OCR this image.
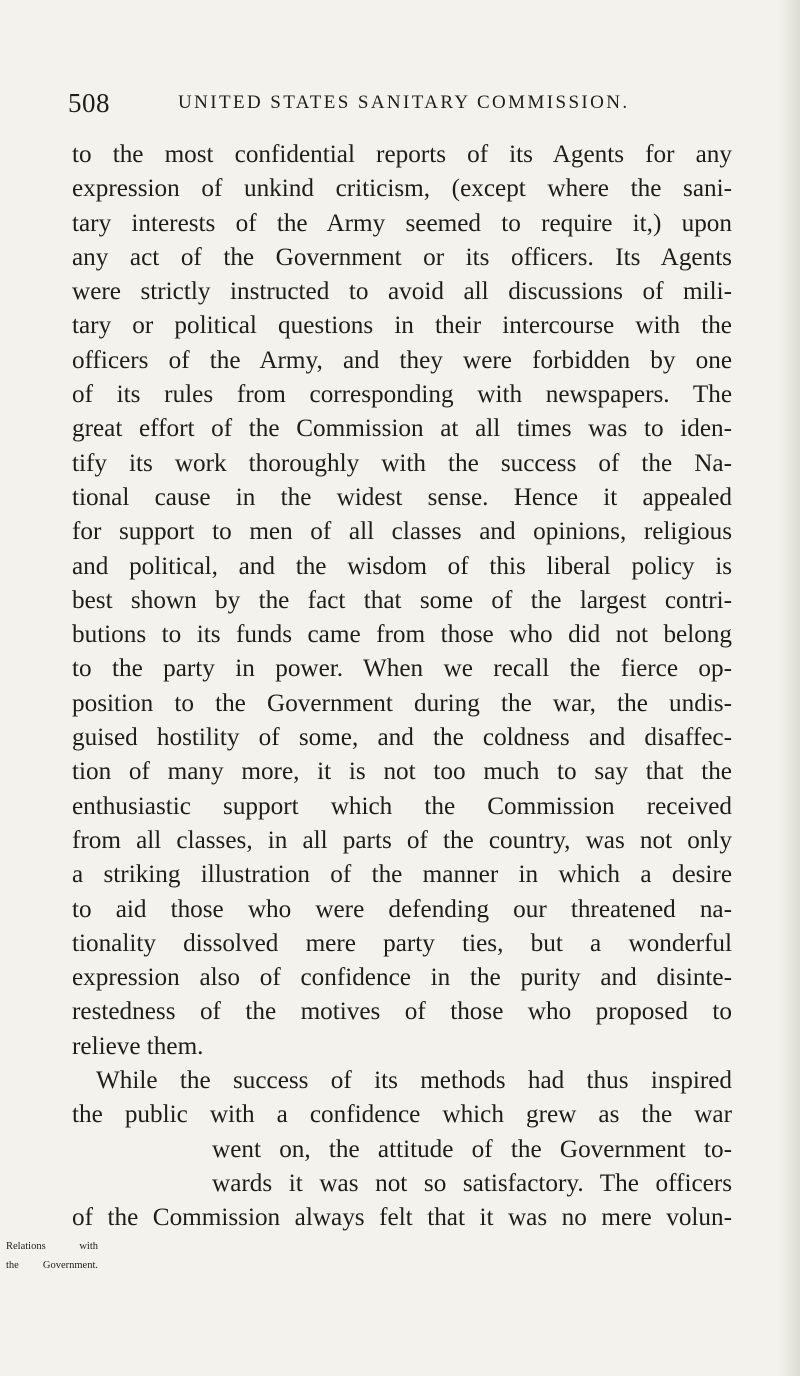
508	UNITED STATES SANITARY COMMISSION.
to the most confidential reports of its Agents for any
expression of unkind criticism, (except where the sani-
tary interests of the Army seemed to require it,) upon
any act of the Government or its officers. Its Agents
were strictly instructed to avoid all discussions of mili-
tary or political questions in their intercourse with the
officers of the Army, and they were forbidden by one
of its rules from corresponding with newspapers. The
great effort of the Commission at all times was to iden-
tify its work thoroughly with the success of the Na-
tional cause in the widest sense. Hence it appealed
for support to men of all classes and opinions, religious
and political, and the wisdom of this liberal policy is
best shown by the fact that some of the largest contri-
butions to its funds came from those who did not belong
to the party in power. When we recall the fierce op-
position to the Government during the war, the undis-
guised hostility of some, and the coldness and disaffec-
tion of many more, it is not too much to say that the
enthusiastic support which the Commission received
from all classes, in all parts of the country, was not only
a striking illustration of the manner in which a desire
to aid those who were defending our threatened na-
tionality dissolved mere party ties, but a wonderful
expression also of confidence in the purity and disinte-
restedness of the motives of those who proposed to
relieve them.
While the success of its methods had thus inspired
the public with a confidence which grew as the war
went on, the attitude of the Government to-
wards it was not so satisfactory. The officers
of the Commission always felt that it was no mere volun-
Relations with
the Government.
